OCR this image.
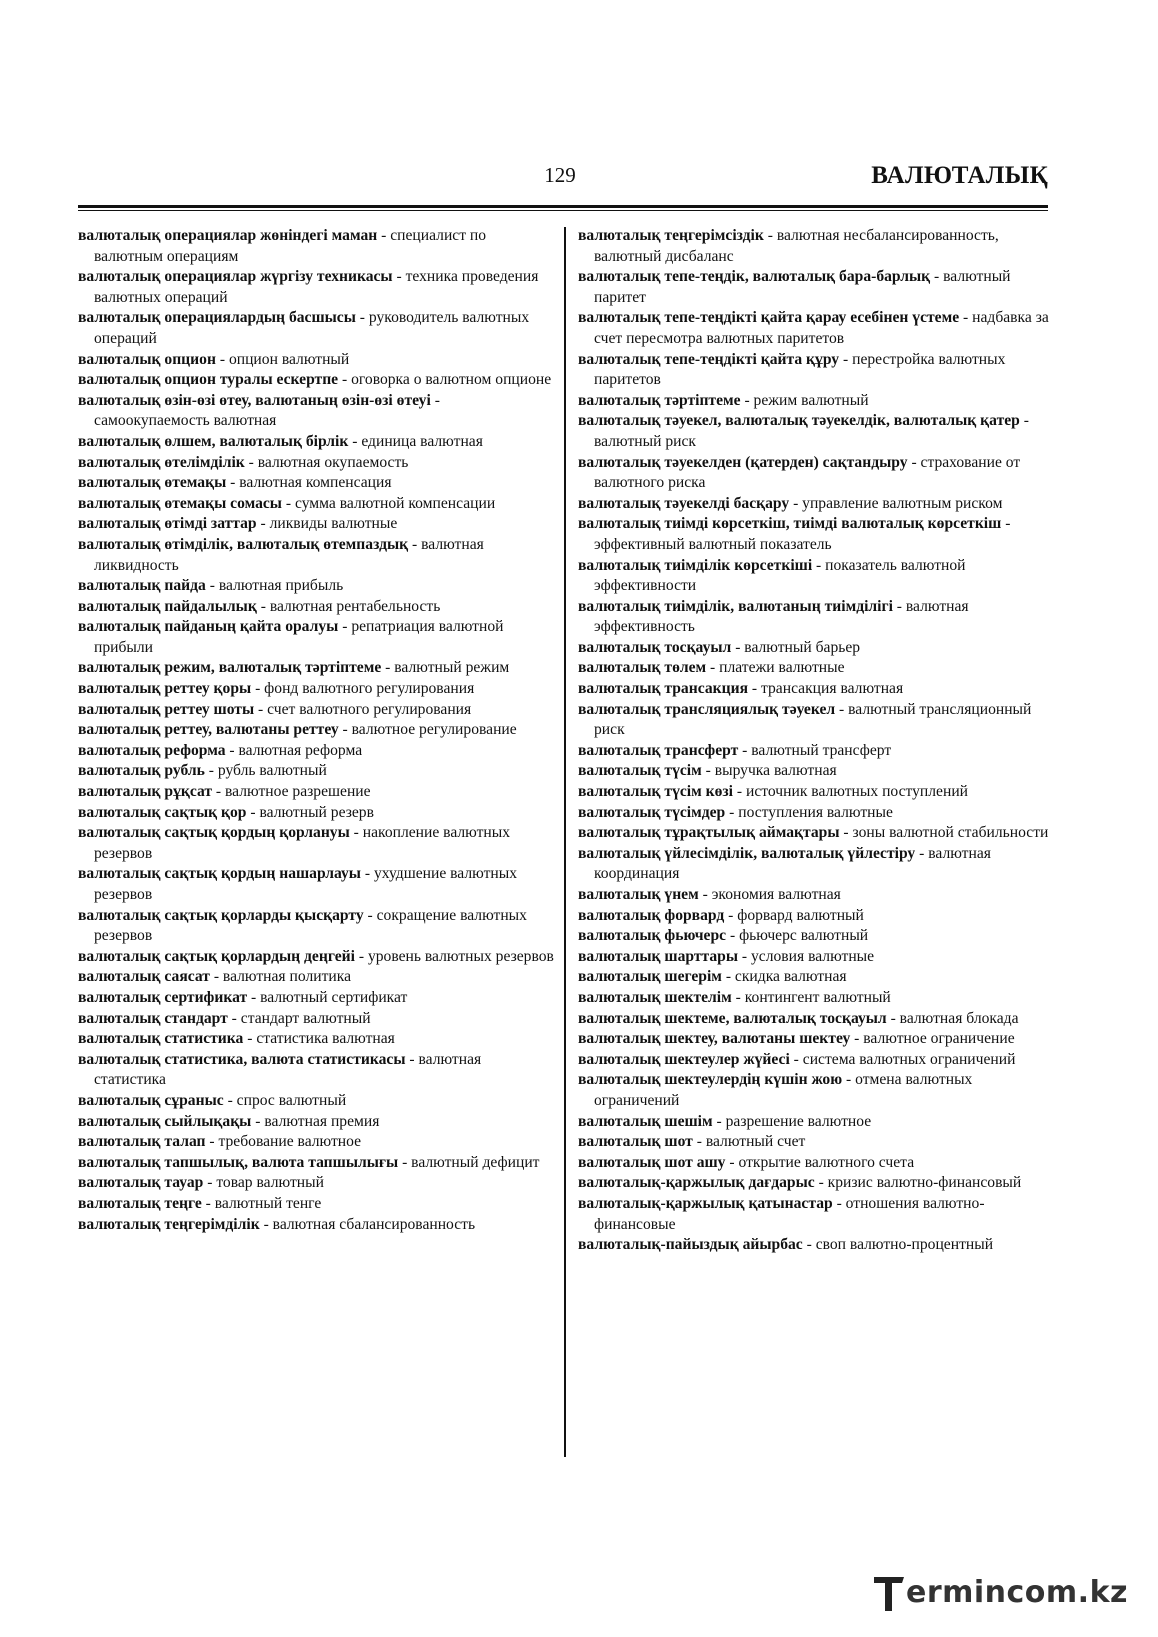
129	ВАЛЮТАЛЫҚ

валюталық операциялар жөніндегі маман - специалист по валютным операциям

валюталық операциялар жүргізу техникасы - техника проведения валютных операций

валюталық операциялардың басшысы - руководитель валютных операций

валюталық опцион - опцион валютный

валюталық опцион туралы ескертпе - оговорка о валютном опционе

валюталық өзін-өзі өтеу, валютаның өзін-өзі өтеуі - самоокупаемость валютная

валюталық өлшем, валюталық бірлік - единица валютная

валюталық өтелімділік - валютная окупаемость

валюталық өтемақы - валютная компенсация

валюталық өтемақы сомасы - сумма валютной компенсации

валюталық өтімді заттар - ликвиды валютные

валюталық өтімділік, валюталық өтемпаздық - валютная ликвидность

валюталық пайда - валютная прибыль

валюталық пайдалылық - валютная рентабельность

валюталық пайданың қайта оралуы - репатриация валютной прибыли

валюталық режим, валюталық тәртіптеме - валютный режим

валюталық реттеу қоры - фонд валютного регулирования

валюталық реттеу шоты - счет валютного регулирования

валюталық реттеу, валютаны реттеу - валютное регулирование

валюталық реформа - валютная реформа

валюталық рубль - рубль валютный

валюталық рұқсат - валютное разрешение

валюталық сақтық қор - валютный резерв

валюталық сақтық қордың қорлануы - накопление валютных резервов

валюталық сақтық қордың нашарлауы - ухудшение валютных резервов

валюталық сақтық қорларды қысқарту - сокращение валютных резервов

валюталық сақтық қорлардың деңгейі - уровень валютных резервов

валюталық саясат - валютная политика

валюталық сертификат - валютный сертификат

валюталық стандарт - стандарт валютный

валюталық статистика - статистика валютная

валюталық статистика, валюта статистикасы - валютная статистика

валюталық сұраныс - спрос валютный

валюталық сыйлықақы - валютная премия

валюталық талап - требование валютное

валюталық тапшылық, валюта тапшылығы - валютный дефицит

валюталық тауар - товар валютный

валюталық теңге - валютный тенге

валюталық теңгерімділік - валютная сбалансированность

валюталық теңгерімсіздік - валютная несбалансированность, валютный дисбаланс

валюталық тепе-теңдік, валюталық бара-барлық - валютный паритет

валюталық тепе-теңдікті қайта қарау есебінен үстеме - надбавка за счет пересмотра валютных паритетов

валюталық тепе-теңдікті қайта құру - перестройка валютных паритетов

валюталық тәртіптеме - режим валютный

валюталық тәуекел, валюталық тәуекелдік, валюталық қатер - валютный риск

валюталық тәуекелден (қатерден) сақтандыру - страхование от валютного риска

валюталық тәуекелді басқару - управление валютным риском

валюталық тиімді көрсеткіш, тиімді валюталық көрсеткіш - эффективный валютный показатель

валюталық тиімділік көрсеткіші - показатель валютной эффективности

валюталық тиімділік, валютаның тиімділігі - валютная эффективность

валюталық тосқауыл - валютный барьер

валюталық төлем - платежи валютные

валюталық трансакция - трансакция валютная

валюталық трансляциялық тәуекел - валютный трансляционный риск

валюталық трансферт - валютный трансферт

валюталық түсім - выручка валютная

валюталық түсім көзі - источник валютных поступлений

валюталық түсімдер - поступления валютные

валюталық тұрақтылық аймақтары - зоны валютной стабильности

валюталық үйлесімділік, валюталық үйлестіру - валютная координация

валюталық үнем - экономия валютная

валюталық форвард - форвард валютный

валюталық фьючерс - фьючерс валютный

валюталық шарттары - условия валютные

валюталық шегерім - скидка валютная

валюталық шектелім - контингент валютный

валюталық шектеме, валюталық тосқауыл - валютная блокада

валюталық шектеу, валютаны шектеу - валютное ограничение

валюталық шектеулер жүйесі - система валютных ограничений

валюталық шектеулердің күшін жою - отмена валютных ограничений

валюталық шешім - разрешение валютное

валюталық шот - валютный счет

валюталық шот ашу - открытие валютного счета

валюталық-қаржылық дағдарыс - кризис валютно-финансовый

валюталық-қаржылық қатынастар - отношения валютно-финансовые

валюталық-пайыздық айырбас - своп валютно-процентный

ermincom.kz
